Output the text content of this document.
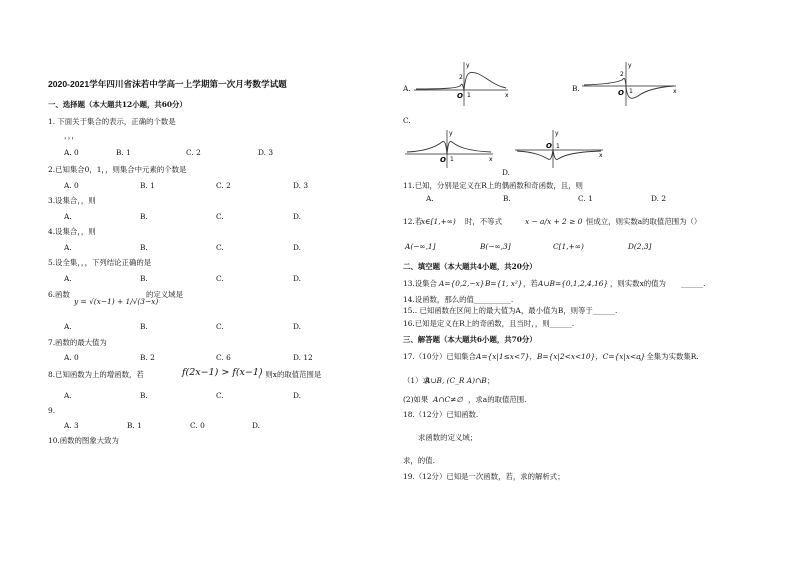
2020-2021学年四川省沫若中学高一上学期第一次月考数学试题
一、选择题（本大题共12小题，共60分）
1. 下面关于集合的表示，正确的个数是
，，，
A. 0	B. 1	C. 2	D. 3
2.已知集合0，1，，则集合中元素的个数是
A. 0	B. 1	C. 2	D. 3
3.设集合，，则
A.	B.	C.	D.
4.设集合，，则
A.	B.	C.	D.
5.设全集，，，下列结论正确的是
A.	B.	C.	D.
6.函数
y = √(x−1) + 1/√(3−x)
的定义域是
A.	B.	C.	D.
7.函数的最大值为
A. 0	B. 2	C. 6	D. 12
8.已知函数为上的增函数，若	f(2x−1) > f(x−1)
，则x的取值范围是
A.	B.	C.	D.
9.
A. 3	B. 1	C. 0	D.
10.函数的图象大致为
A.
y
x
O 1
2
B.
y
x
O 1
2
C.
y
x
O 1
y
x
O 1
D.
11.已知，分别是定义在R上的偶函数和奇函数，且，则
A.	B.	C. 1	D. 2
12.若
x∈[1,+∞) 时，不等式	x − a/x + 2 ≥ 0 恒成立，则实数a的取值范围为（）
A(−∞,1]	B(−∞,3]	C[1,+∞)	D(2,3]
二、填空题（本大题共4小题，共20分）
13.设集合 A={0,2,−x} B={1, x²} ，若 A∪B={0,1,2,4,16} ，则实数x的值为 ______.
14.设函数，那么的值__________.
15.. 已知函数在区间上的最大值为A，最小值为B，则等于______.
16.已知是定义在R上的奇函数，且当时，，则______.
三、解答题（本大题共6小题，共70分）
17.（10分）已知集合 A={x|1≤x<7}，B={x|2<x<10}，C={x|x<a}
，全集为实数集R.
（1）求
A∪B, (C_R A)∩B ；
(2)如果 A∩C≠∅ ，求a的取值范围.
18.（12分）已知函数.
求函数的定义域；
求，的值.
19.（12分）已知是一次函数，若，求的解析式；
